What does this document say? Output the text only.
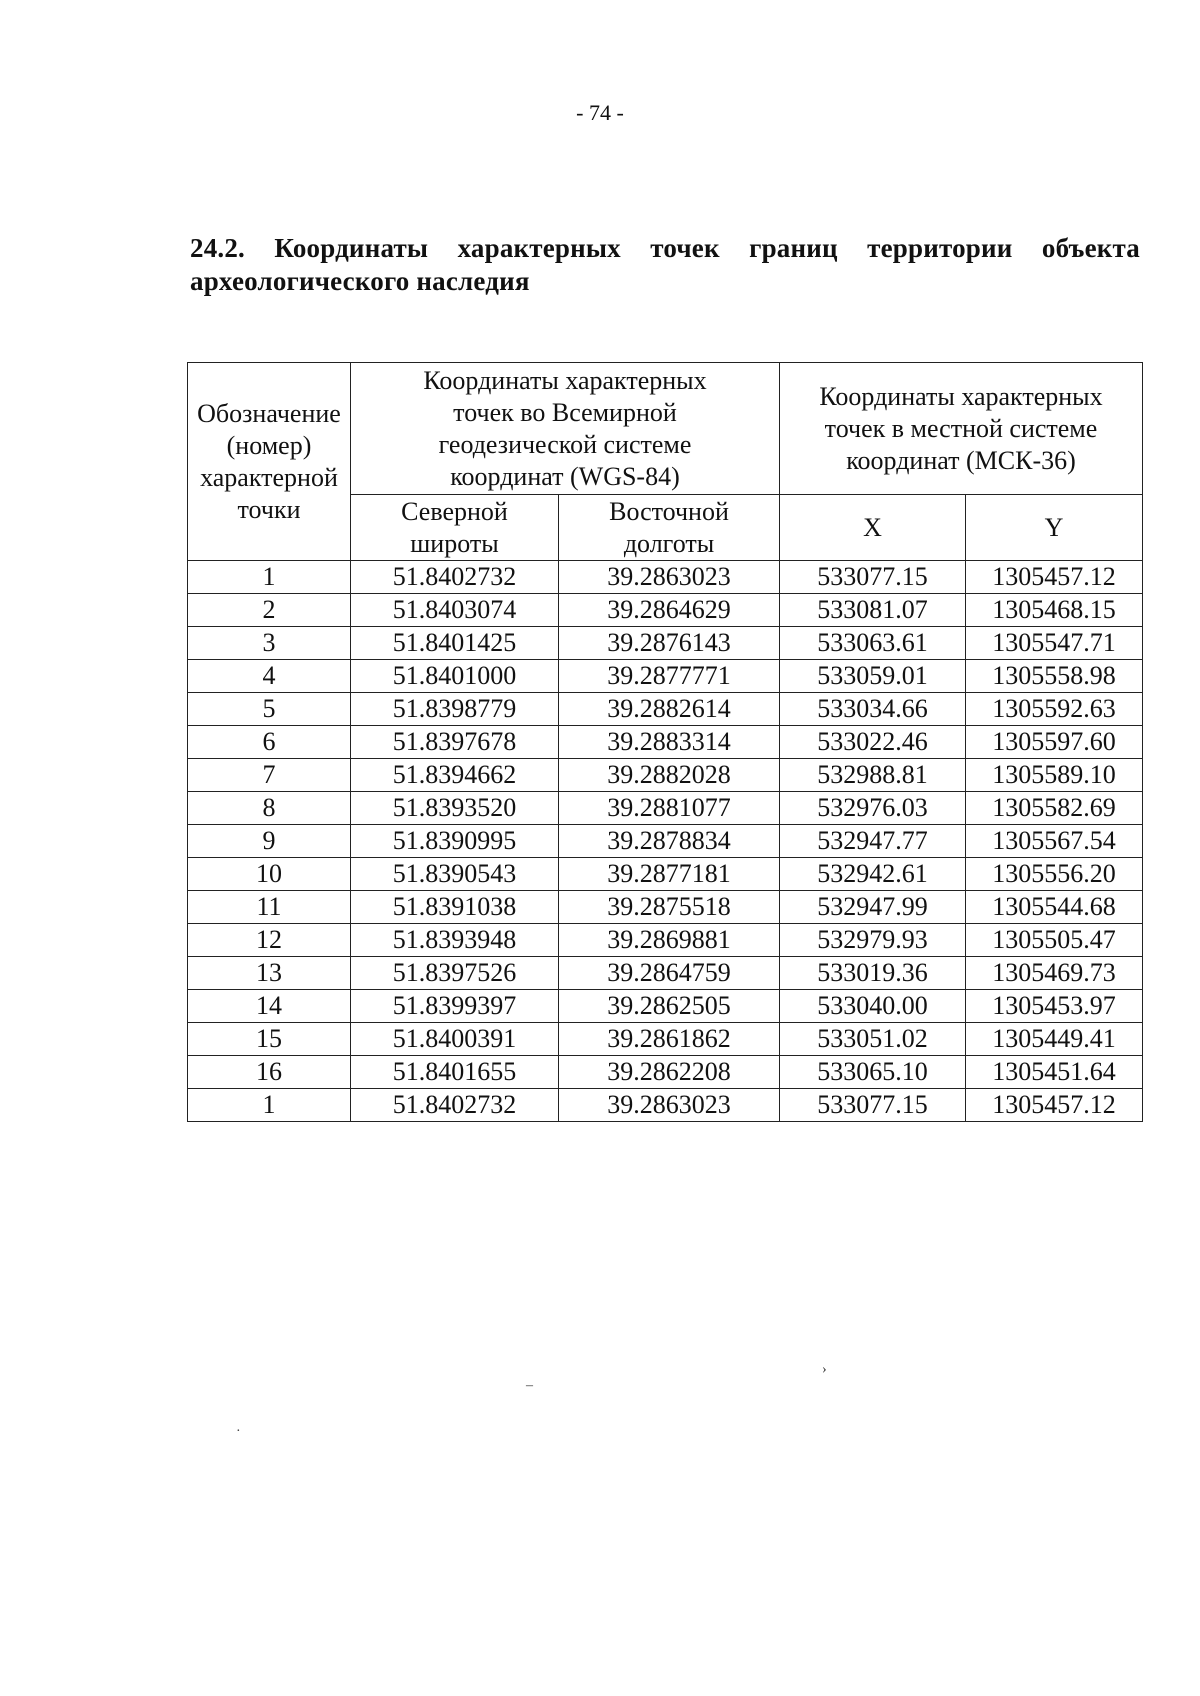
- 74 -
24.2. Координаты характерных точек границ территории объекта археологического наследия
Обозначение (номер) характерной точки	Координаты характерных точек во Всемирной геодезической системе координат (WGS-84)		Координаты характерных точек в местной системе координат (МСК-36)	
	Северной широты	Восточной долготы	X	Y
1	51.8402732	39.2863023	533077.15	1305457.12
2	51.8403074	39.2864629	533081.07	1305468.15
3	51.8401425	39.2876143	533063.61	1305547.71
4	51.8401000	39.2877771	533059.01	1305558.98
5	51.8398779	39.2882614	533034.66	1305592.63
6	51.8397678	39.2883314	533022.46	1305597.60
7	51.8394662	39.2882028	532988.81	1305589.10
8	51.8393520	39.2881077	532976.03	1305582.69
9	51.8390995	39.2878834	532947.77	1305567.54
10	51.8390543	39.2877181	532942.61	1305556.20
11	51.8391038	39.2875518	532947.99	1305544.68
12	51.8393948	39.2869881	532979.93	1305505.47
13	51.8397526	39.2864759	533019.36	1305469.73
14	51.8399397	39.2862505	533040.00	1305453.97
15	51.8400391	39.2861862	533051.02	1305449.41
16	51.8401655	39.2862208	533065.10	1305451.64
1	51.8402732	39.2863023	533077.15	1305457.12
‒
›
·
